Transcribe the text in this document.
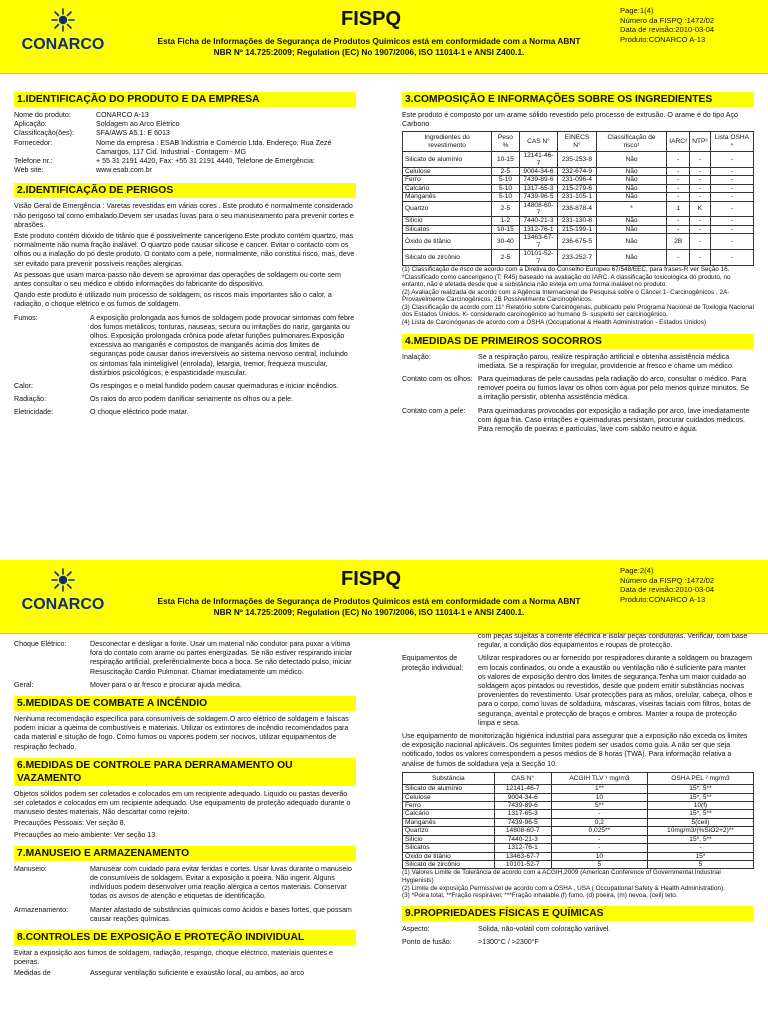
CONARCO
FISPQ
Esta Ficha de Informações de Segurança de Produtos Químicos está em conformidade com a Norma ABNT NBR Nº 14.725:2009; Regulation (EC) No 1907/2006, ISO 11014-1 e ANSI Z400.1.
Page:1(4)
Número da FISPQ :1472/02
Data de revisão:2010-03-04
Produto:CONARCO A-13
1.IDENTIFICAÇÃO DO PRODUTO E DA EMPRESA
Nome do produto:	CONARCO A-13
Aplicação:	Soldagem ao Arco Elétrico
Classificação(ões):	SFA/AWS A5.1: E 6013
Fornecedor:	Nome da empresa : ESAB Indústria e Comércio Ltda. Endereço: Rua Zezé Camargos, 117 Cid. Industrial - Contagem - MG
Telefone nr.:	+ 55 31 2191 4420, Fax: +55 31 2191 4440, Telefone de Emergência:
Web site:	www.esab.com.br
2.IDENTIFICAÇÃO DE PERIGOS

Visão Geral de Emergência : Varetas revestidas em várias cores . Este produto é normalmente considerado não perigoso tal como embalado.Devem ser usadas luvas para o seu manuseamento para prevenir cortes e abrasões.

Este produto contém dióxido de titânio que é possivelmente cancerígeno.Este produto contém quartzo, mas normalmente não numa fração inalável. O quartzo pode causar silicose e cancer. Evitar o contacto com os olhos ou a inalação do pó deste produto. O contato com a pele, normalmente, não constitui risco, mas, deve ser evitado para prevenir possíveis reações alergicas.

As pessoas que usam marca-passo não devem se aproximar das operações de soldagem ou corte sem antes consultar o seu médico e obtido informações do fabricante do dispositivo.

Qando este produto é utilizado num processo de soldagem, os riscos mais importantes são o calor, a radiação, o choque elétrico e os fumos de soldagem.

Fumos:	A exposição prolongada aos fumos de soldagem pode provocar sintomas com febre dos fumos metálicos, tonturas, nauseas, secura ou irritações do nariz, garganta ou olhos. Exposição prolongada crônica pode afetar funções pulmonares.Exposição excessiva ao manganês e compostos de manganês acima dos limites de seguranças pode causar danos irreversíveis ao sistema nervoso central, incluindo os sintomas fala ininteligível (enrolada), letargia, tremor, frequeza muscular, distúrbios psicológicos, e espasticidade muscular.
Calor:	Os respingos e o metal fundido podem causar queimaduras e iniciar incêndios.
Radiação:	Os raios do arco podem danificar seriamente os olhos ou a pele.
Eletricidade:	O choque eléctrico pode matar.
3.COMPOSIÇÃO E INFORMAÇÕES SOBRE OS INGREDIENTES

Este produto é composto por um arame sólido revestido pelo processo de extrusão. O arame é do tipo Aço Carbono

Ingredientes do revestimento	Peso %	CAS N°	EINECS N°	Classificação de risco¹	IARC²	NTP³	Lista OSHA ⁴
Silicato de alumínio	10-15	12141-46-7	235-253-8	Não	-	-	-
Celulose	2-5	9004-34-6	232-674-9	Não	-	-	-
Ferro	5-10	7439-89-6	231-096-4	Não	-	-	-
Calcário	5-10	1317-65-3	215-279-6	Não	-	-	-
Manganês	5-10	7439-96-5	231-105-1	Não	-	-	-
Quartzo	2-5	14808-60-7	238-878-4	*	1	K	-
Silício	1-2	7440-21-3	231-130-8	Não	-	-	-
Silicatos	10-15	1312-76-1	215-199-1	Não	-	-	-
Óxido de titânio	30-40	13463-67-7	236-675-5	Não	2B	-	-
Silicato de zircônio	2-5	10101-52-7	233-252-7	Não	-	-	-
(1) Classificação de risco de acordo com a Diretiva do Conselho Europeu 67/548/EEC, para frases-R ver Seção 16. *Classificado como cancerigeno (T; R45) baseado na avaliação do IARC. A classificação toxicológica do produto, no entanto, não é afetada desde que a substância não esteja em uma forma inalável no produto.
(2) Avaliação realizada de acordo com a Agência Internacional de Pesquisa sobre o Câncer.1- Carcinogênicos , 2A- Provavelmente Carcinogênicos, 2B Possivelmente Carcinogênicos.
(3) Classificação de acordo com 11° Relatório sobre Carcinógenas, publicado pelo Programa Nacional de Toxilogia Nacional dos Estados Unidos. K- considerado carcinogênico ao humano S- suspeito ser carcinogênico.
(4) Lista de Carcinógenas de acordo com a OSHA (Occupational & Health Administration - Estados Unidos)
4.MEDIDAS DE PRIMEIROS SOCORROS
Inalação:	Se a respiração parou, realize respiração artificial e obtenha assistência médica imediata. Se a respiração for irregular, providencie ar fresco e chame um médico.
Contato com os olhos: Para queimaduras de pele causadas pela radiação do arco, consultar o médico. Para remover poeira ou fumos lavar os olhos com água por pelo menos quinze minutos. Se a irritação persistir, obtenha assistência médica.
Contato com a pele:	Para queimaduras provocadas por exposição a radiação por arco, lave imediatamente com água fria. Caso irritações e queimaduras persistam, procurar cuidados médicos. Para remoção de poeiras e partículas, lave com sabão neutro e água.
CONARCO
FISPQ
Esta Ficha de Informações de Segurança de Produtos Químicos está em conformidade com a Norma ABNT NBR Nº 14.725:2009; Regulation (EC) No 1907/2006, ISO 11014-1 e ANSI Z400.1.
Page:2(4)
Número da FISPQ :1472/02
Data de revisão:2010-03-04
Produto:CONARCO A-13
Choque Elétrico:	Desconectar e desligar a fonte. Usar um material não condutor para puxar a vítima fora do contato com arame ou partes energizadas. Se não estiver respirando iniciar respiração artificial, preferêncialmente boca a boca. Se não detectado pulso, iniciar Resuscitação Cardio Pulmonar. Chamar imediatamente um médico.
Geral:	Mover para o ar fresco e procurar ajuda médica.
5.MEDIDAS DE COMBATE A INCÊNDIO

Nenhuma recomendação específica para consumíveis de soldagem.O arco elétrico de soldagem e faíscas podem iniciar a queima de combustíveis e materiais. Utilizar os extintores de incêndio recomendados para cada material e situção de fogo. Como fumos ou vapores podem ser nocivos, utilizar equipamentos de respiração fechado.

6.MEDIDAS DE CONTROLE PARA DERRAMAMENTO OU VAZAMENTO

Objetos sólidos podem ser coletados e colocados em um recipiente adequado. Liquido ou pastas deverão ser coletados e colocados em um recipiente adequado. Use equipamento de proteção adequado durante o manuseio destes materiais. Não descartar como rejeito.

Precauções Pessoais: Ver seção 8.

Precauções ao meio ambiente: Ver seção 13.

7.MANUSEIO E ARMAZENAMENTO
Manuseio:	Manusear com cuidado para evitar feridas e cortes. Usar luvas durante o manuseio de consumíveis de soldagem. Evitar a exposição a poeira. Não ingerir. Alguns indivíduos podem desenvolver uma reação alérgica a certos materiais. Conservar todas os avisos de atenção e etiquetas de identificação.
Armazenamento:	Manter afastado de substâncias químicas como ácidos e bases fortes, que possam causar reações químicas.
8.CONTROLES DE EXPOSIÇÃO E PROTEÇÃO INDIVIDUAL

Evitar a exposição aos fumos de soldagem, radiação, respingo, choque eléctrico, materiais quentes e poeiras.

Medidas de	Assegurar ventilação suficiente e exaustão local, ou ambos, ao arco
com peças sujeitas a corrente eléctrica e isolar peças condutoras. Verificar, com base regular, a condição dos equipamentos e roupas de protecção.
Equipamentos de proteção individual:
Utilizar respiradores ou ar fornecido por respiradores durante a soldagem ou brazagem em locais confinados, ou onde a exaustão ou ventilação não é suficiente para manter os valores de exposição dentro dos limites de segurança.Tenha um maior cuidado ao soldagem aços pintados ou revestidos, desde que podem emitir substâncias nocivas provenientes do revestimento. Usar protecções para as mãos, orelular, cabeça, olhos e para o corpo, como luvas de soldadura, máscaras, viseiras faciais com filtros, botas de segurança, avental e protecção de braços e ombros. Manter a roupa de protecção limpa e seca.

Use equipamento de monitorização higiénica industrial para assegurar que a exposição não exceda os limites de exposição nacional aplicáveis. Os seguintes limites podem ser usados como guia. A não ser que seja notificado, todos os valores correspondem a pesos médios de 8 horas (TWA). Para informação relativa a análise de fumos de soldadura veja a Secção 10.

Substância	CAS N°	ACGIH TLV ¹ mg/m3	OSHA PEL ² mg/m3
Silicato de alumínio	12141-46-7	1**	15*, 5**
Celulose	9004-34-6	10	15*, 5**
Ferro	7439-89-6	5**	10(f)
Calcário	1317-65-3	-	15*, 5**
Manganês	7439-96-5	0,2	5(ceil)
Quartzo	14808-60-7	0,025**	10mg/m3/(%SiO2+2)**
Silício	7440-21-3	-	15*, 5**
Silicatos	1312-76-1	-	-
Óxido de titânio	13463-67-7	10	15*
Silicato de zircônio	10101-52-7	5	5
(1) Valores Limite de Tolerância de acordo com a ACGIH,2009 (American Conference of Governmental Industrial Hygienists)
(2) Limite de exposição Permissível de acordo com a OSHA , USA ( Occupational Safety & Health Administration).
(3) *Poira total, **Fração respirável, ***Fração inhalable.(f) fumo, (d) poeira, (m) nevoa, (ceil) teto.
9.PROPRIEDADES FÍSICAS E QUÍMICAS
Aspecto:	Sólida, não-volátil com coloração variável.
Ponto de fusão:	>1300°C / >2300°F
